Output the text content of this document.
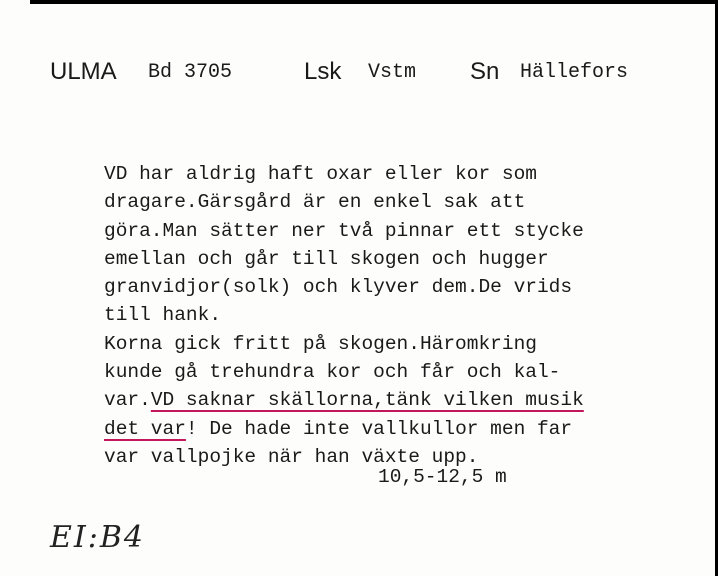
ULMA Bd 3705	Lsk Vstm Sn Hällefors
VD har aldrig haft oxar eller kor som
dragare.Gärsgård är en enkel sak att
göra.Man sätter ner två pinnar ett stycke
emellan och går till skogen och hugger
granvidjor(solk) och klyver dem.De vrids
till hank.
Korna gick fritt på skogen.Häromkring
kunde gå trehundra kor och får och kal-
var.VD saknar skällorna,tänk vilken musik
det var! De hade inte vallkullor men far
var vallpojke när han växte upp.
10,5-12,5 m
EI:B4
